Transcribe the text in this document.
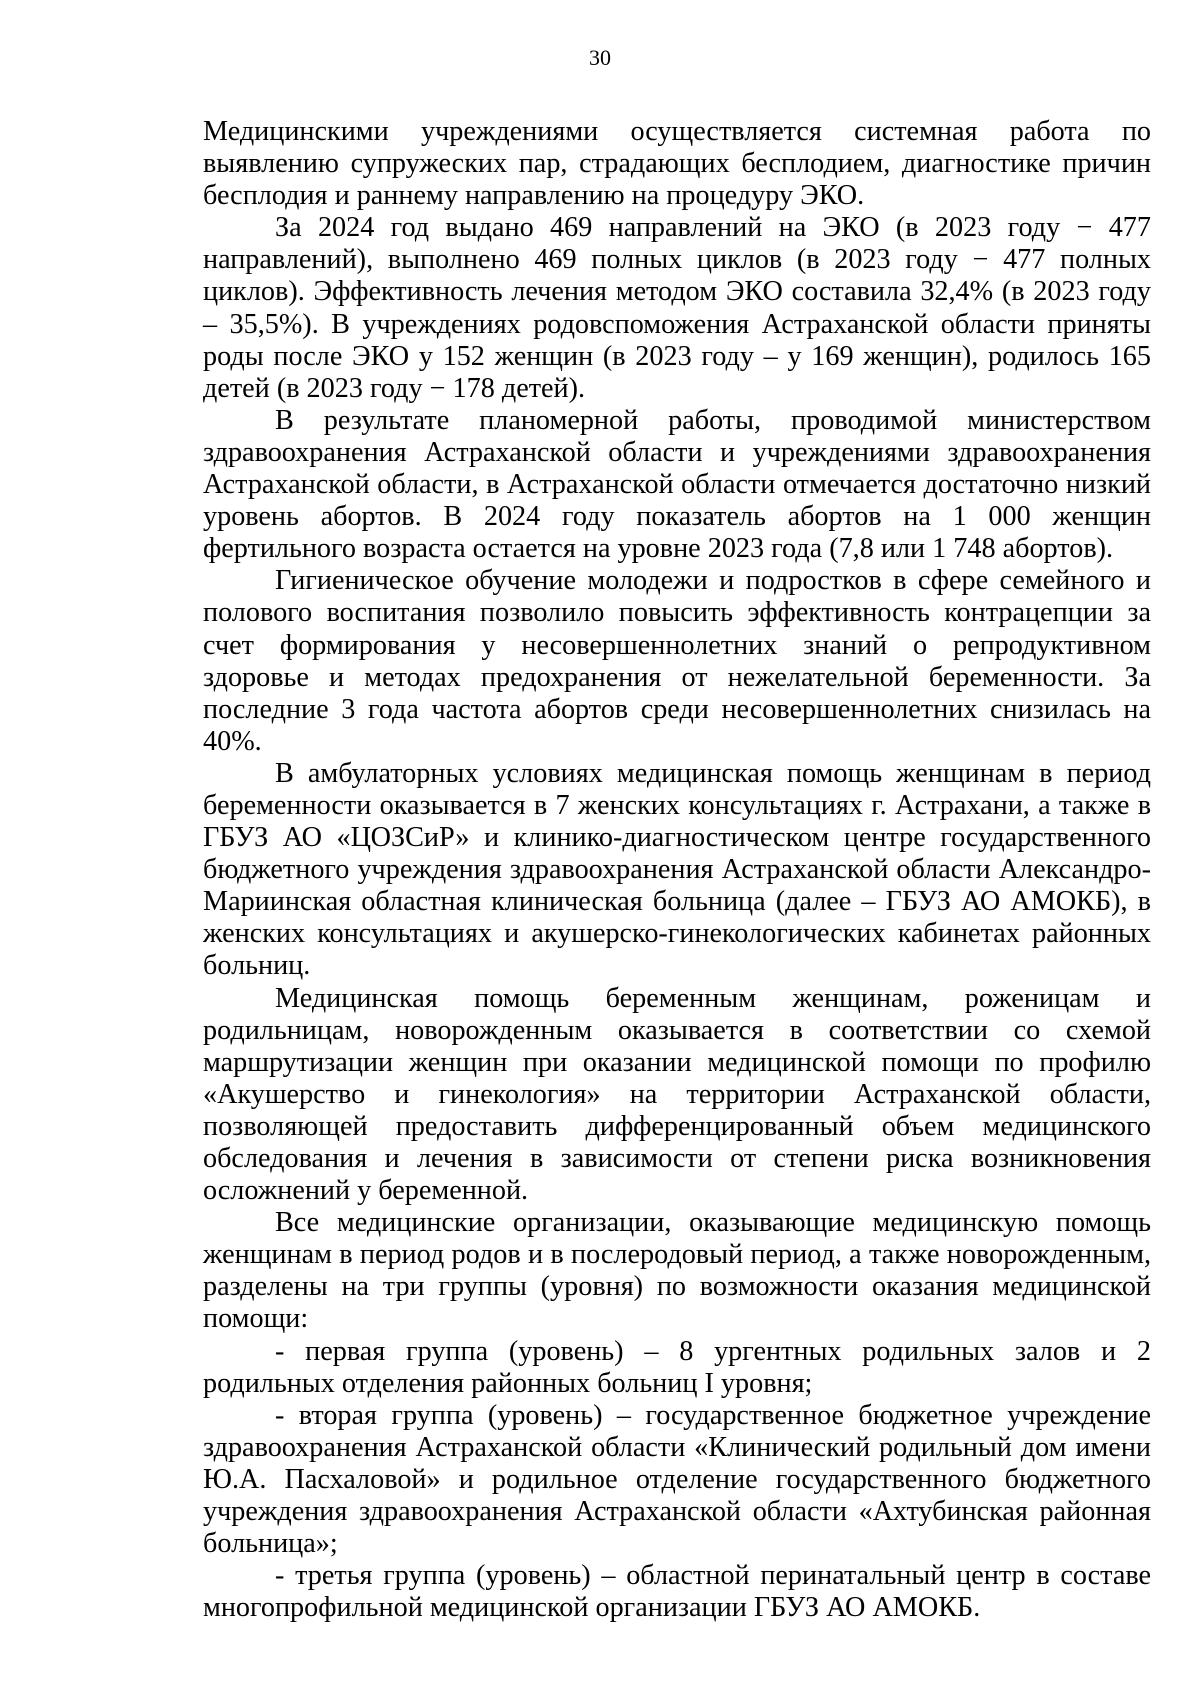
30

Медицинскими учреждениями осуществляется системная работа по выявлению супружеских пар, страдающих бесплодием, диагностике причин бесплодия и раннему направлению на процедуру ЭКО.

За 2024 год выдано 469 направлений на ЭКО (в 2023 году − 477 направлений), выполнено 469 полных циклов (в 2023 году − 477 полных циклов). Эффективность лечения методом ЭКО составила 32,4% (в 2023 году – 35,5%). В учреждениях родовспоможения Астраханской области приняты роды после ЭКО у 152 женщин (в 2023 году – у 169 женщин), родилось 165 детей (в 2023 году − 178 детей).

В результате планомерной работы, проводимой министерством здравоохранения Астраханской области и учреждениями здравоохранения Астраханской области, в Астраханской области отмечается достаточно низкий уровень абортов. В 2024 году показатель абортов на 1 000 женщин фертильного возраста остается на уровне 2023 года (7,8 или 1 748 абортов).

Гигиеническое обучение молодежи и подростков в сфере семейного и полового воспитания позволило повысить эффективность контрацепции за счет формирования у несовершеннолетних знаний о репродуктивном здоровье и методах предохранения от нежелательной беременности. За последние 3 года частота абортов среди несовершеннолетних снизилась на 40%.

В амбулаторных условиях медицинская помощь женщинам в период беременности оказывается в 7 женских консультациях г. Астрахани, а также в ГБУЗ АО «ЦОЗСиР» и клинико-диагностическом центре государственного бюджетного учреждения здравоохранения Астраханской области Александро-Мариинская областная клиническая больница (далее – ГБУЗ АО АМОКБ), в женских консультациях и акушерско-гинекологических кабинетах районных больниц.

Медицинская помощь беременным женщинам, роженицам и родильницам, новорожденным оказывается в соответствии со схемой маршрутизации женщин при оказании медицинской помощи по профилю «Акушерство и гинекология» на территории Астраханской области, позволяющей предоставить дифференцированный объем медицинского обследования и лечения в зависимости от степени риска возникновения осложнений у беременной.

Все медицинские организации, оказывающие медицинскую помощь женщинам в период родов и в послеродовый период, а также новорожденным, разделены на три группы (уровня) по возможности оказания медицинской помощи:

- первая группа (уровень) – 8 ургентных родильных залов и 2 родильных отделения районных больниц I уровня;

- вторая группа (уровень) – государственное бюджетное учреждение здравоохранения Астраханской области «Клинический родильный дом имени Ю.А. Пасхаловой» и родильное отделение государственного бюджетного учреждения здравоохранения Астраханской области «Ахтубинская районная больница»;

- третья группа (уровень) – областной перинатальный центр в составе многопрофильной медицинской организации ГБУЗ АО АМОКБ.
